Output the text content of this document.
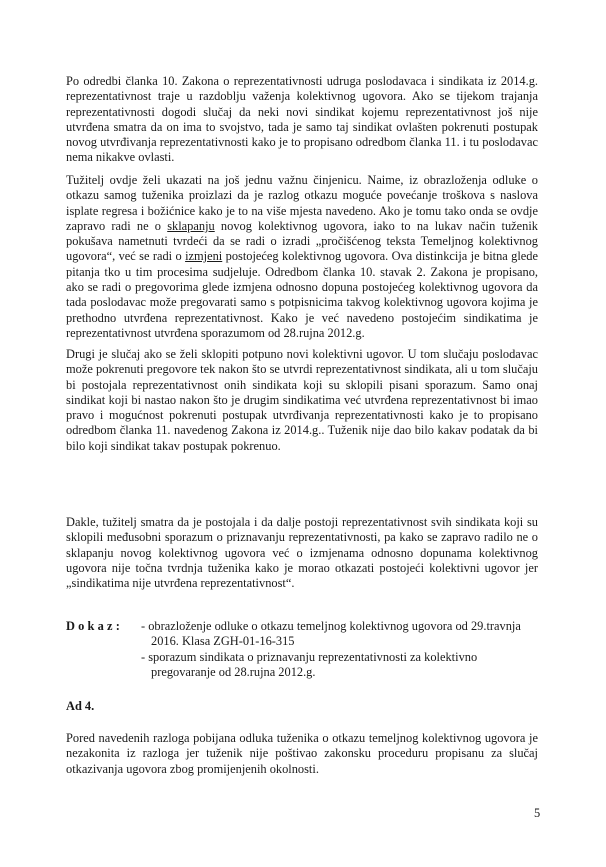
Po odredbi članka 10. Zakona o reprezentativnosti udruga poslodavaca i sindikata iz 2014.g. reprezentativnost traje u razdoblju važenja kolektivnog ugovora. Ako se tijekom trajanja reprezentativnosti dogodi slučaj da neki novi sindikat kojemu reprezentativnost još nije utvrđena smatra da on ima to svojstvo, tada je samo taj sindikat ovlašten pokrenuti postupak novog utvrđivanja reprezentativnosti kako je to propisano odredbom članka 11. i tu poslodavac nema nikakve ovlasti.

Tužitelj ovdje želi ukazati na još jednu važnu činjenicu. Naime, iz obrazloženja odluke o otkazu samog tuženika proizlazi da je razlog otkazu moguće povećanje troškova s naslova isplate regresa i božićnice kako je to na više mjesta navedeno. Ako je tomu tako onda se ovdje zapravo radi ne o sklapanju novog kolektivnog ugovora, iako to na lukav način tuženik pokušava nametnuti tvrdeći da se radi o izradi „pročišćenog teksta Temeljnog kolektivnog ugovora“, već se radi o izmjeni postojećeg kolektivnog ugovora. Ova distinkcija je bitna glede pitanja tko u tim procesima sudjeluje. Odredbom članka 10. stavak 2. Zakona je propisano, ako se radi o pregovorima glede izmjena odnosno dopuna postojećeg kolektivnog ugovora da tada poslodavac može pregovarati samo s potpisnicima takvog kolektivnog ugovora kojima je prethodno utvrđena reprezentativnost. Kako je već navedeno postojećim sindikatima je reprezentativnost utvrđena sporazumom od 28.rujna 2012.g.

Drugi je slučaj ako se želi sklopiti potpuno novi kolektivni ugovor. U tom slučaju poslodavac može pokrenuti pregovore tek nakon što se utvrdi reprezentativnost sindikata, ali u tom slučaju bi postojala reprezentativnost onih sindikata koji su sklopili pisani sporazum. Samo onaj sindikat koji bi nastao nakon što je drugim sindikatima već utvrđena reprezentativnost bi imao pravo i mogućnost pokrenuti postupak utvrđivanja reprezentativnosti kako je to propisano odredbom članka 11. navedenog Zakona iz 2014.g.. Tuženik nije dao bilo kakav podatak da bi bilo koji sindikat takav postupak pokrenuo.

Dakle, tužitelj smatra da je postojala i da dalje postoji reprezentativnost svih sindikata koji su sklopili međusobni sporazum o priznavanju reprezentativnosti, pa kako se zapravo radilo ne o sklapanju novog kolektivnog ugovora već o izmjenama odnosno dopunama kolektivnog ugovora nije točna tvrdnja tuženika kako je morao otkazati postojeći kolektivni ugovor jer „sindikatima nije utvrđena reprezentativnost“.

Dokaz: - obrazloženje odluke o otkazu temeljnog kolektivnog ugovora od 29.travnja 2016. Klasa ZGH-01-16-315
- sporazum sindikata o priznavanju reprezentativnosti za kolektivno pregovaranje od 28.rujna 2012.g.
Ad 4.

Pored navedenih razloga pobijana odluka tuženika o otkazu temeljnog kolektivnog ugovora je nezakonita iz razloga jer tuženik nije poštivao zakonsku proceduru propisanu za slučaj otkazivanja ugovora zbog promijenjenih okolnosti.

5
